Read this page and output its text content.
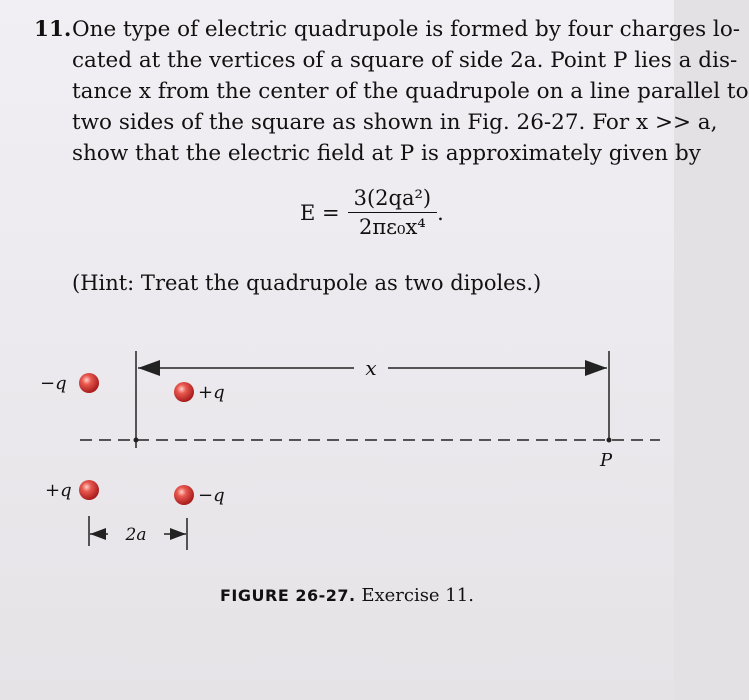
11.One type of electric quadrupole is formed by four charges lo-
cated at the vertices of a square of side 2a. Point P lies a dis-
tance x from the center of the quadrupole on a line parallel to
two sides of the square as shown in Fig. 26-27. For x >> a,
show that the electric field at P is approximately given by
$E = \frac{\text{3(2qa²)}}{\text{2πε₀x⁴}}$ .
(Hint: Treat the quadrupole as two dipoles.)
x
P
−q	+q
+q	−q
2a
FIGURE 26-27. Exercise 11.
